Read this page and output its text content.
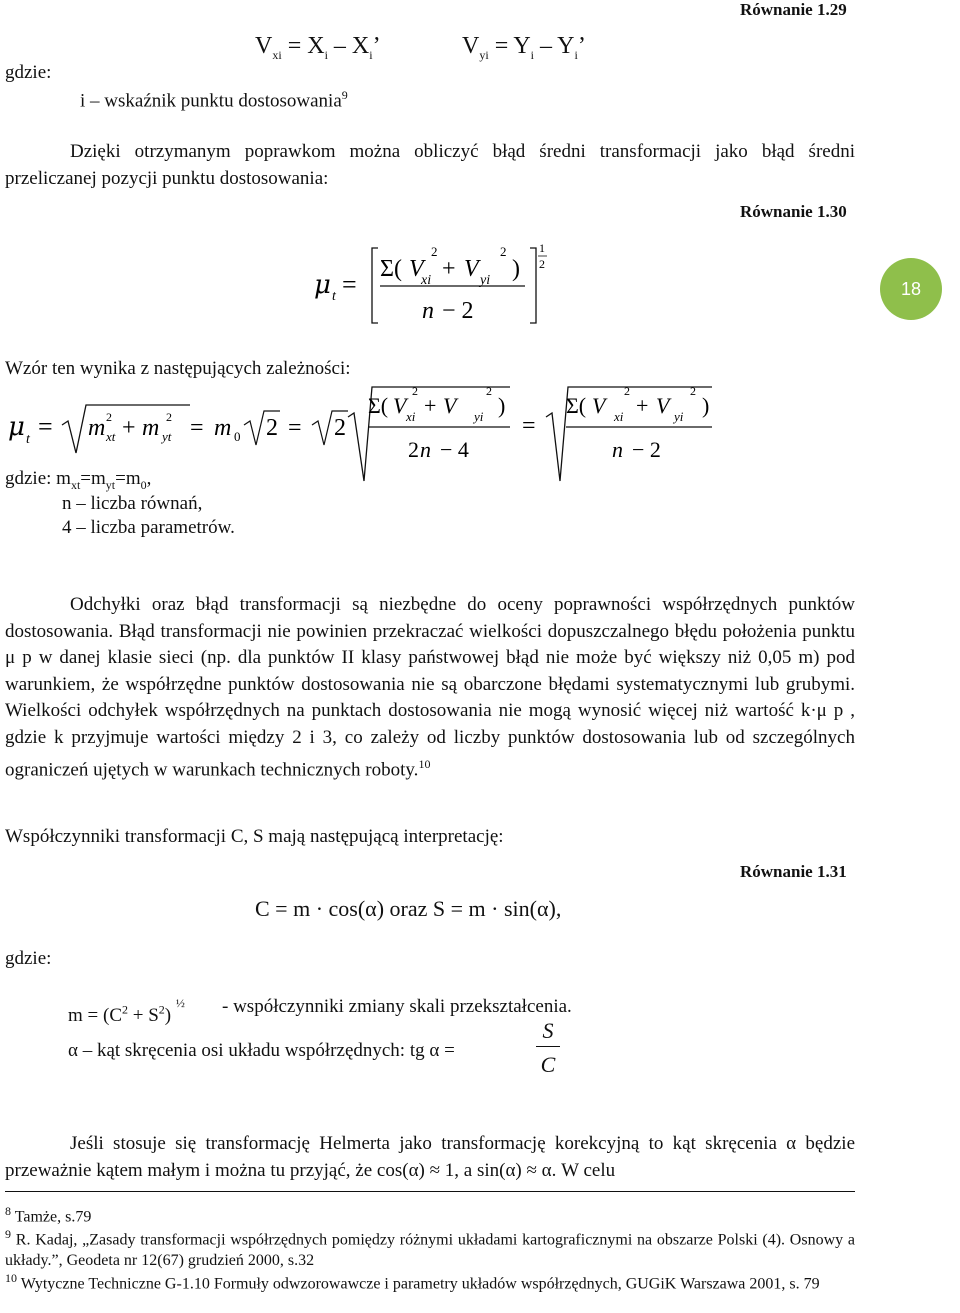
Równanie 1.29
gdzie:
$V_{xi} = X_i - X_i$’	$V_{yi} = Y_i - Y_i$’
i – wskaźnik punktu dostosowania$^9$
Dzięki otrzymanym poprawkom można obliczyć błąd średni transformacji jako błąd średni przeliczanej pozycji punktu dostosowania:
Równanie 1.30
18
μ t =
Σ( V
xi
2
+ V yi
2
)
n − 2
1
2
Wzór ten wynika z następujących zależności:
μ t = m xt
2 + m yt
2 = m 0 2 = 2
Σ( V xi
2
+ V yi
2
)
2 n − 4
=
Σ( V xi
2
+ V yi
2
)
n − 2
gdzie: $m_{xt}=m_{yt}=m_0$,
n – liczba równań,
4 – liczba parametrów.
Odchyłki oraz błąd transformacji są niezbędne do oceny poprawności współrzędnych punktów dostosowania. Błąd transformacji nie powinien przekraczać wielkości dopuszczalnego błędu położenia punktu μ p w danej klasie sieci (np. dla punktów II klasy państwowej błąd nie może być większy niż 0,05 m) pod warunkiem, że współrzędne punktów dostosowania nie są obarczone błędami systematycznymi lub grubymi. Wielkości odchyłek współrzędnych na punktach dostosowania nie mogą wynosić więcej niż wartość k·μ p , gdzie k przyjmuje wartości między 2 i 3, co zależy od liczby punktów dostosowania lub od szczególnych ograniczeń ujętych w warunkach technicznych roboty.$^{10}$
Współczynniki transformacji C, S mają następującą interpretację:
Równanie 1.31
C = m · cos(α) oraz S = m · sin(α),
gdzie:
$m = (C^2 + S^2)$ $^{\frac{1}{2}}$ - współczynniki zmiany skali przekształcenia.
α – kąt skręcenia osi układu współrzędnych: tg α =
S
C
Jeśli stosuje się transformację Helmerta jako transformację korekcyjną to kąt skręcenia α będzie przeważnie kątem małym i można tu przyjąć, że cos(α) ≈ 1, a sin(α) ≈ α. W celu
$^8$ Tamże, s.79
$^9$ R. Kadaj, „Zasady transformacji współrzędnych pomiędzy różnymi układami kartograficznymi na obszarze Polski (4). Osnowy a układy.”, Geodeta nr 12(67) grudzień 2000, s.32
$^{10}$ Wytyczne Techniczne G-1.10 Formuły odwzorowawcze i parametry układów współrzędnych, GUGiK Warszawa 2001, s. 79
